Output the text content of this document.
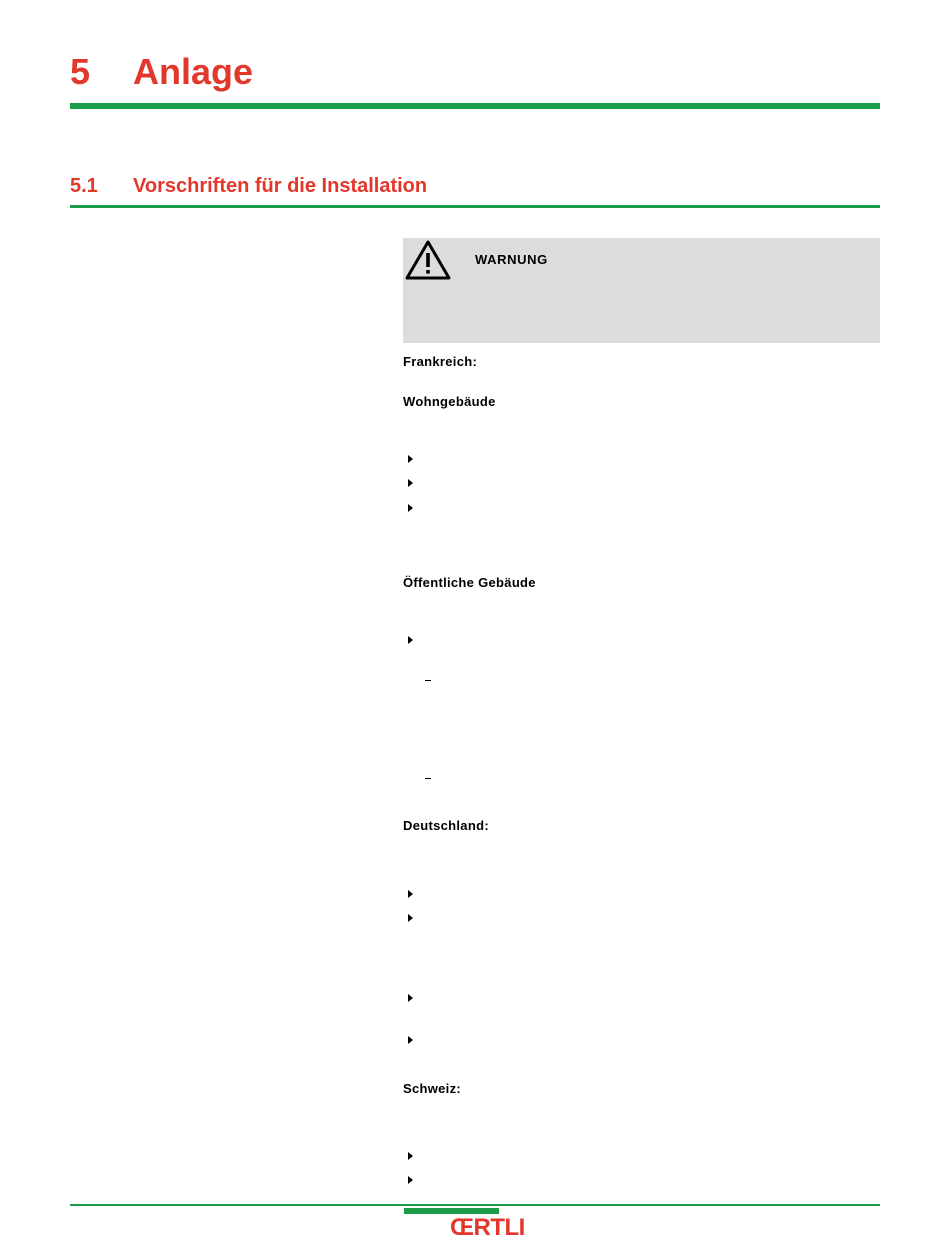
5 Anlage
5.1 Vorschriften für die Installation
WARNUNG
Frankreich:
Wohngebäude
Öffentliche Gebäude
Deutschland:
Schweiz:
Œ RTLI
